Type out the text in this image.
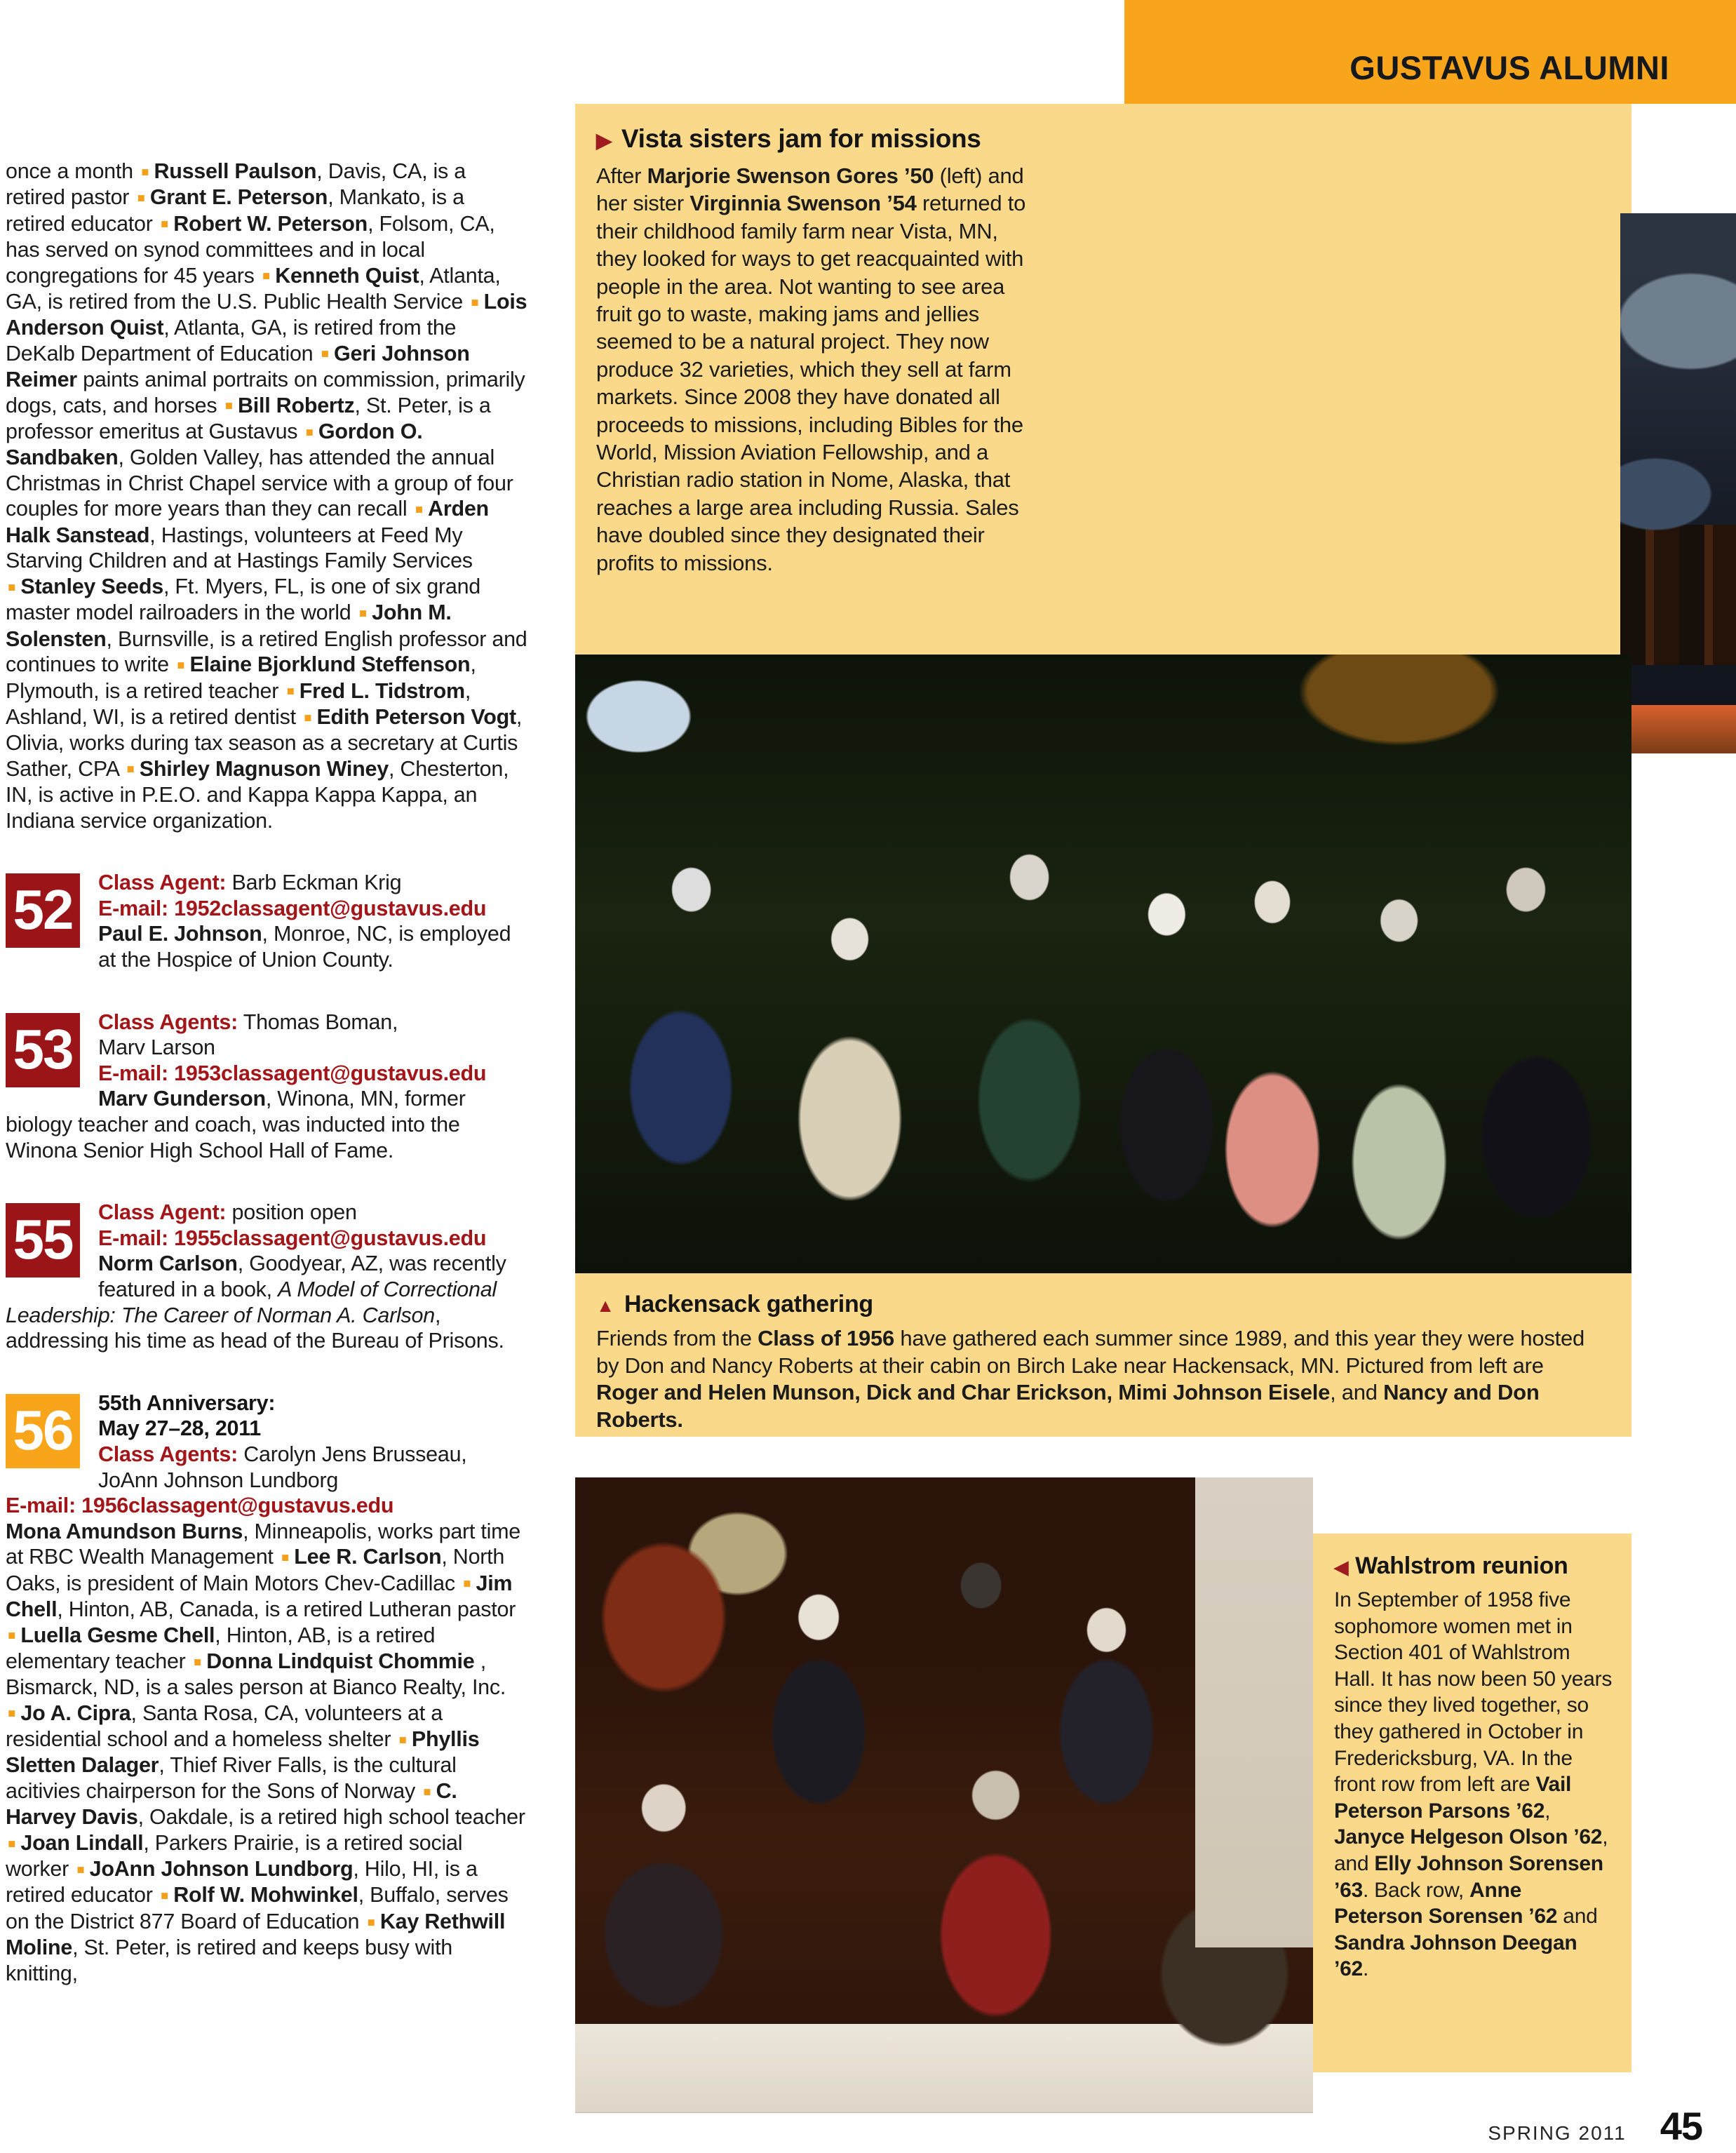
GUSTAVUS ALUMNI

once a month ■ Russell Paulson, Davis, CA, is a retired pastor ■ Grant E. Peterson, Mankato, is a retired educator ■ Robert W. Peterson, Folsom, CA, has served on synod committees and in local congregations for 45 years ■ Kenneth Quist, Atlanta, GA, is retired from the U.S. Public Health Service ■ Lois Anderson Quist, Atlanta, GA, is retired from the DeKalb Department of Education ■ Geri Johnson Reimer paints animal portraits on commission, primarily dogs, cats, and horses ■ Bill Robertz, St. Peter, is a professor emeritus at Gustavus ■ Gordon O. Sandbaken, Golden Valley, has attended the annual Christmas in Christ Chapel service with a group of four couples for more years than they can recall ■ Arden Halk Sanstead, Hastings, volunteers at Feed My Starving Children and at Hastings Family Services ■ Stanley Seeds, Ft. Myers, FL, is one of six grand master model railroaders in the world ■ John M. Solensten, Burnsville, is a retired English professor and continues to write ■ Elaine Bjorklund Steffenson, Plymouth, is a retired teacher ■ Fred L. Tidstrom, Ashland, WI, is a retired dentist ■ Edith Peterson Vogt, Olivia, works during tax season as a secretary at Curtis Sather, CPA ■ Shirley Magnuson Winey, Chesterton, IN, is active in P.E.O. and Kappa Kappa Kappa, an Indiana service organization.

52	Class Agent: Barb Eckman Krig
E-mail: 1952classagent@gustavus.edu
Paul E. Johnson, Monroe, NC, is employed at the Hospice of Union County.

53	Class Agents: Thomas Boman,
Marv Larson
E-mail: 1953classagent@gustavus.edu
Marv Gunderson, Winona, MN, former biology teacher and coach, was inducted into the Winona Senior High School Hall of Fame.

55	Class Agent: position open
E-mail: 1955classagent@gustavus.edu
Norm Carlson, Goodyear, AZ, was recently featured in a book, A Model of Correctional Leadership: The Career of Norman A. Carlson, addressing his time as head of the Bureau of Prisons.

56	55th Anniversary:
May 27–28, 2011
Class Agents: Carolyn Jens Brusseau,
JoAnn Johnson Lundborg
E-mail: 1956classagent@gustavus.edu
Mona Amundson Burns, Minneapolis, works part time at RBC Wealth Management ■ Lee R. Carlson, North Oaks, is president of Main Motors Chev-Cadillac ■ Jim Chell, Hinton, AB, Canada, is a retired Lutheran pastor ■ Luella Gesme Chell, Hinton, AB, is a retired elementary teacher ■ Donna Lindquist Chommie , Bismarck, ND, is a sales person at Bianco Realty, Inc. ■ Jo A. Cipra, Santa Rosa, CA, volunteers at a residential school and a homeless shelter ■ Phyllis Sletten Dalager, Thief River Falls, is the cultural acitivies chairperson for the Sons of Norway ■ C. Harvey Davis, Oakdale, is a retired high school teacher ■ Joan Lindall, Parkers Prairie, is a retired social worker ■ JoAnn Johnson Lundborg, Hilo, HI, is a retired educator ■ Rolf W. Mohwinkel, Buffalo, serves on the District 877 Board of Education ■ Kay Rethwill Moline, St. Peter, is retired and keeps busy with knitting,

▶ Vista sisters jam for missions

After Marjorie Swenson Gores ’50 (left) and her sister Virginnia Swenson ’54 returned to their childhood family farm near Vista, MN, they looked for ways to get reacquainted with people in the area. Not wanting to see area fruit go to waste, making jams and jellies seemed to be a natural project. They now produce 32 varieties, which they sell at farm markets. Since 2008 they have donated all proceeds to missions, including Bibles for the World, Mission Aviation Fellowship, and a Christian radio station in Nome, Alaska, that reaches a large area including Russia. Sales have doubled since they designated their profits to missions.

▲ Hackensack gathering

Friends from the Class of 1956 have gathered each summer since 1989, and this year they were hosted by Don and Nancy Roberts at their cabin on Birch Lake near Hackensack, MN. Pictured from left are Roger and Helen Munson, Dick and Char Erickson, Mimi Johnson Eisele, and Nancy and Don Roberts.

◀ Wahlstrom reunion

In September of 1958 five sophomore women met in Section 401 of Wahlstrom Hall. It has now been 50 years since they lived together, so they gathered in October in Fredericksburg, VA. In the front row from left are Vail Peterson Parsons ’62, Janyce Helgeson Olson ’62, and Elly Johnson Sorensen ’63. Back row, Anne Peterson Sorensen ’62 and Sandra Johnson Deegan ’62.

SPRING 2011 45
